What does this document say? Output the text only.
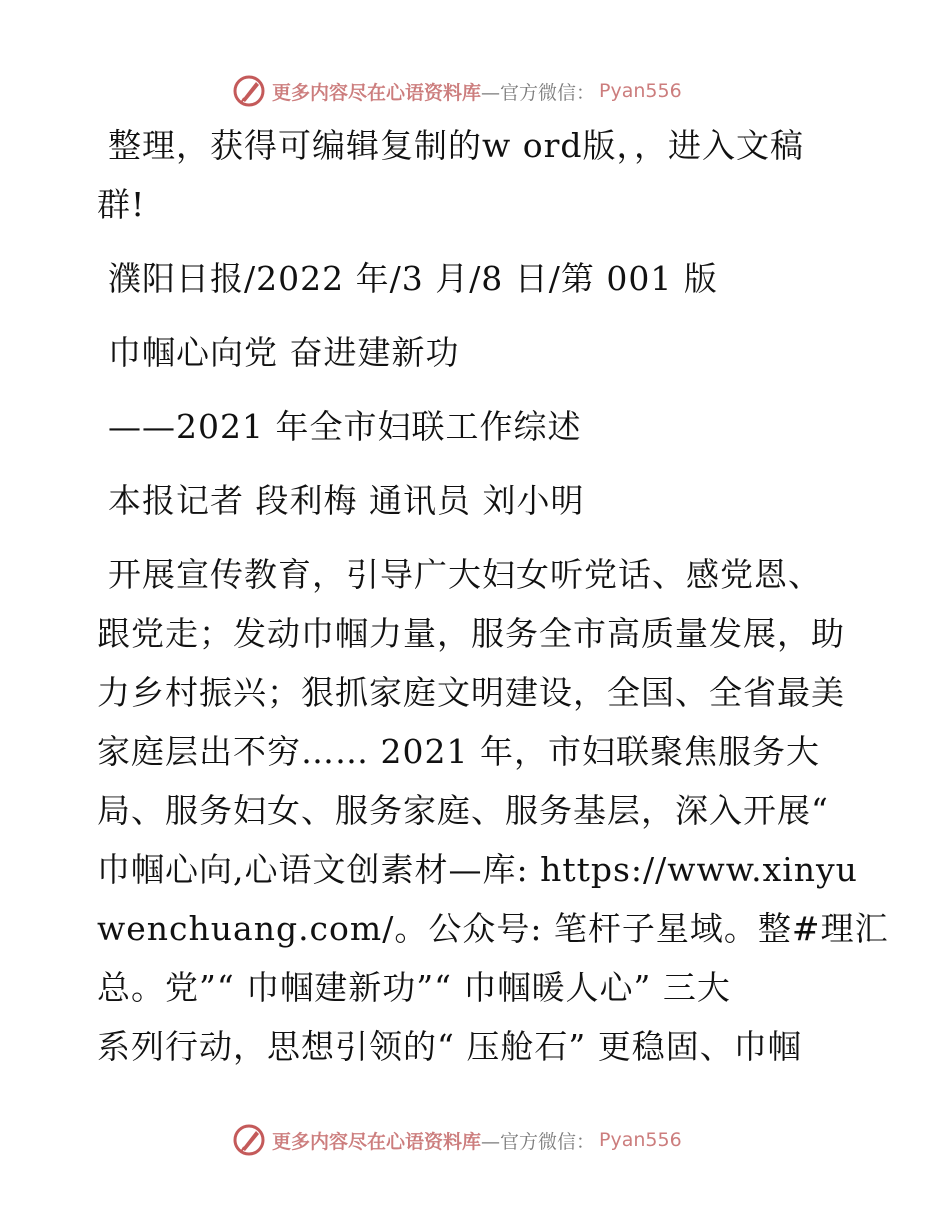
更多内容尽在心语资料库 —官方微信： Pyan556
整理，获得可编辑复制的w ord版，，进入文稿
群!
濮阳日报/2022 年/3 月/8 日/第 001 版
巾帼心向党 奋进建新功
——2021 年全市妇联工作综述
本报记者 段利梅 通讯员 刘小明
开展宣传教育，引导广大妇女听党话、感党恩、
跟党走；发动巾帼力量，服务全市高质量发展，助
力乡村振兴；狠抓家庭文明建设，全国、全省最美
家庭层出不穷…… 2021 年，市妇联聚焦服务大
局、服务妇女、服务家庭、服务基层，深入开展“
巾帼心向,心语文创素材—库: https://www.xinyu
wenchuang.com/。公众号: 笔杆子星域。整#理汇
总。党”“ 巾帼建新功”“ 巾帼暖人心” 三大
系列行动，思想引领的“ 压舱石” 更稳固、巾帼
更多内容尽在心语资料库 —官方微信： Pyan556
